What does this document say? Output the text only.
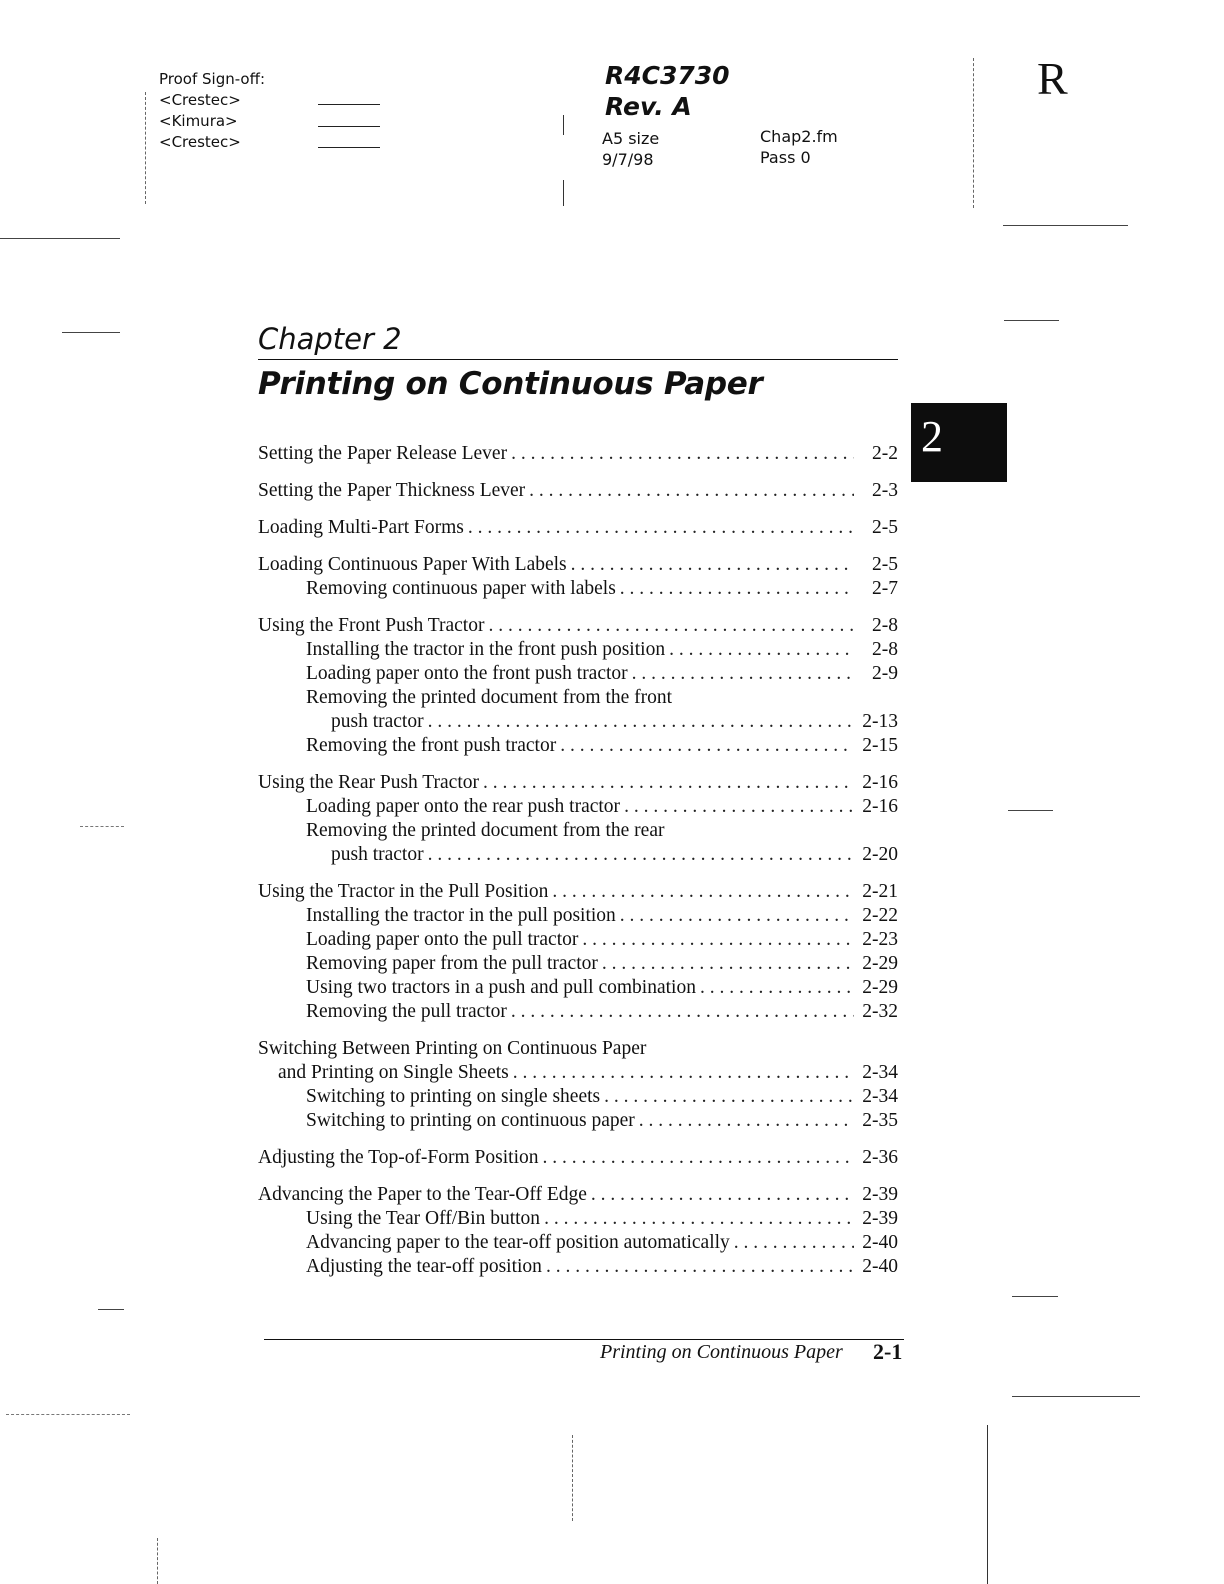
Proof Sign-off:
<Crestec>
<Kimura>
<Crestec>
R4C3730
Rev. A
A5 size
9/7/98
Chap2.fm
Pass 0
R
Chapter 2
Printing on Continuous Paper
2
Setting the Paper Release Lever . . .	2-2
Setting the Paper Thickness Lever . . .	2-3
Loading Multi-Part Forms . . .	2-5
Loading Continuous Paper With Labels . . .	2-5
Removing continuous paper with labels . . .	2-7
Using the Front Push Tractor . . .	2-8
Installing the tractor in the front push position . . .	2-8
Loading paper onto the front push tractor . . .	2-9
Removing the printed document from the front
push tractor . . .	2-13
Removing the front push tractor . . .	2-15
Using the Rear Push Tractor . . .	2-16
Loading paper onto the rear push tractor . . .	2-16
Removing the printed document from the rear
push tractor . . .	2-20
Using the Tractor in the Pull Position . . .	2-21
Installing the tractor in the pull position . . .	2-22
Loading paper onto the pull tractor . . .	2-23
Removing paper from the pull tractor . . .	2-29
Using two tractors in a push and pull combination . . .	2-29
Removing the pull tractor . . .	2-32
Switching Between Printing on Continuous Paper
and Printing on Single Sheets . . .	2-34
Switching to printing on single sheets . . .	2-34
Switching to printing on continuous paper . . .	2-35
Adjusting the Top-of-Form Position . . .	2-36
Advancing the Paper to the Tear-Off Edge . . .	2-39
Using the Tear Off/Bin button . . .	2-39
Advancing paper to the tear-off position automatically . . .	2-40
Adjusting the tear-off position . . .	2-40
Printing on Continuous Paper 2-1
